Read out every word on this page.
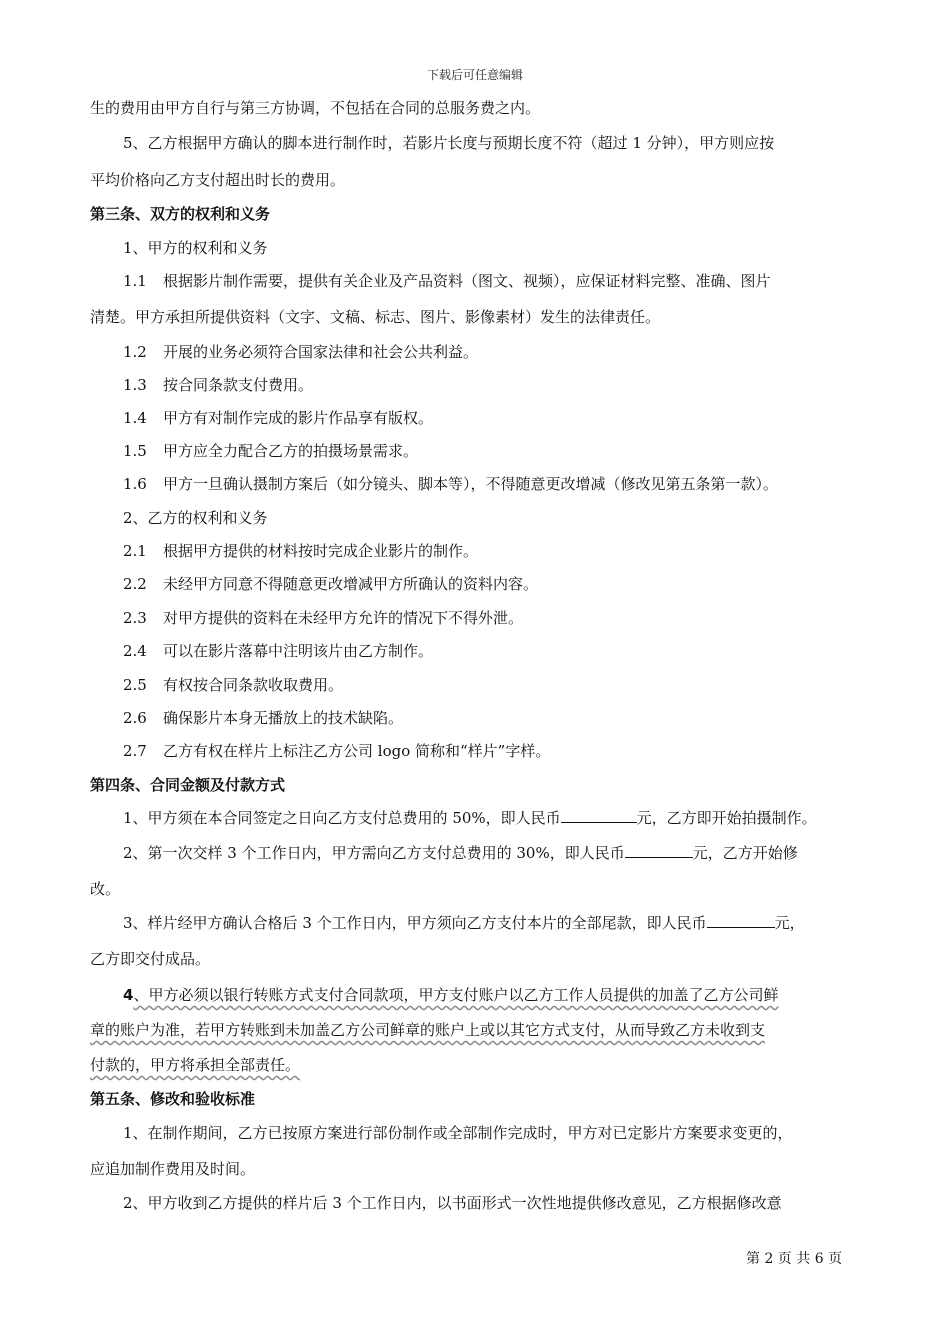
下载后可任意编辑
生的费用由甲方自行与第三方协调，不包括在合同的总服务费之内。
5、乙方根据甲方确认的脚本进行制作时，若影片长度与预期长度不符（超过 1 分钟），甲方则应按
平均价格向乙方支付超出时长的费用。
第三条、双方的权利和义务
1、甲方的权利和义务
1.1 根据影片制作需要，提供有关企业及产品资料（图文、视频），应保证材料完整、准确、图片
清楚。甲方承担所提供资料（文字、文稿、标志、图片、影像素材）发生的法律责任。
1.2 开展的业务必须符合国家法律和社会公共利益。
1.3 按合同条款支付费用。
1.4 甲方有对制作完成的影片作品享有版权。
1.5 甲方应全力配合乙方的拍摄场景需求。
1.6 甲方一旦确认摄制方案后（如分镜头、脚本等），不得随意更改增减（修改见第五条第一款）。
2、乙方的权利和义务
2.1 根据甲方提供的材料按时完成企业影片的制作。
2.2 未经甲方同意不得随意更改增减甲方所确认的资料内容。
2.3 对甲方提供的资料在未经甲方允许的情况下不得外泄。
2.4 可以在影片落幕中注明该片由乙方制作。
2.5 有权按合同条款收取费用。
2.6 确保影片本身无播放上的技术缺陷。
2.7 乙方有权在样片上标注乙方公司 logo 简称和“样片”字样。
第四条、合同金额及付款方式
1、甲方须在本合同签定之日向乙方支付总费用的 50%，即人民币	元，乙方即开始拍摄制作。
2、第一次交样 3 个工作日内，甲方需向乙方支付总费用的 30%，即人民币	元，乙方开始修
改。
3、样片经甲方确认合格后 3 个工作日内，甲方须向乙方支付本片的全部尾款，即人民币	元，
乙方即交付成品。
4、甲方必须以银行转账方式支付合同款项，甲方支付账户以乙方工作人员提供的加盖了乙方公司鲜
章的账户为准，若甲方转账到未加盖乙方公司鲜章的账户上或以其它方式支付，从而导致乙方未收到支
付款的，甲方将承担全部责任。
第五条、修改和验收标准
1、在制作期间，乙方已按原方案进行部份制作或全部制作完成时，甲方对已定影片方案要求变更的，
应追加制作费用及时间。
2、甲方收到乙方提供的样片后 3 个工作日内，以书面形式一次性地提供修改意见，乙方根据修改意
第 2 页 共 6 页
